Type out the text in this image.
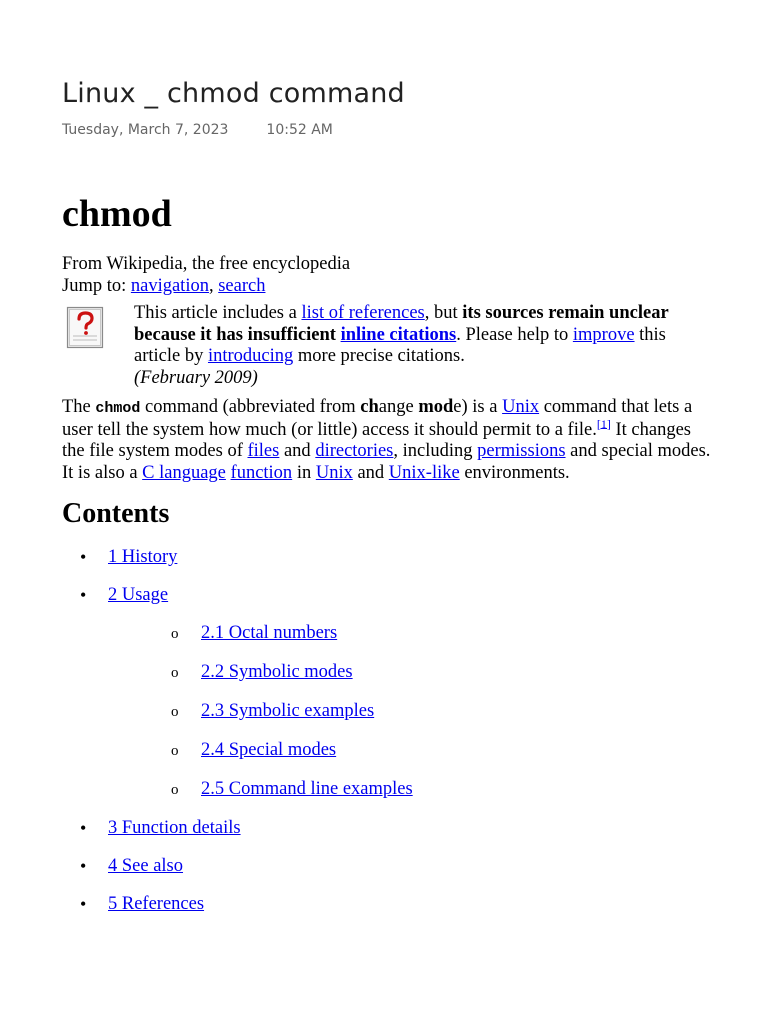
Linux _ chmod command
Tuesday, March 7, 2023	10:52 AM
chmod

From Wikipedia, the free encyclopedia

Jump to: navigation, search

This article includes a list of references, but its sources remain unclear because it has insufficient inline citations. Please help to improve this article by introducing more precise citations.
(February 2009)

The chmod command (abbreviated from change mode) is a Unix command that lets a user tell the system how much (or little) access it should permit to a file.[1] It changes the file system modes of files and directories, including permissions and special modes. It is also a C language function in Unix and Unix-like environments.

Contents
• 1 History
• 2 Usage
o 2.1 Octal numbers
o 2.2 Symbolic modes
o 2.3 Symbolic examples
o 2.4 Special modes
o 2.5 Command line examples
• 3 Function details
• 4 See also
• 5 References
